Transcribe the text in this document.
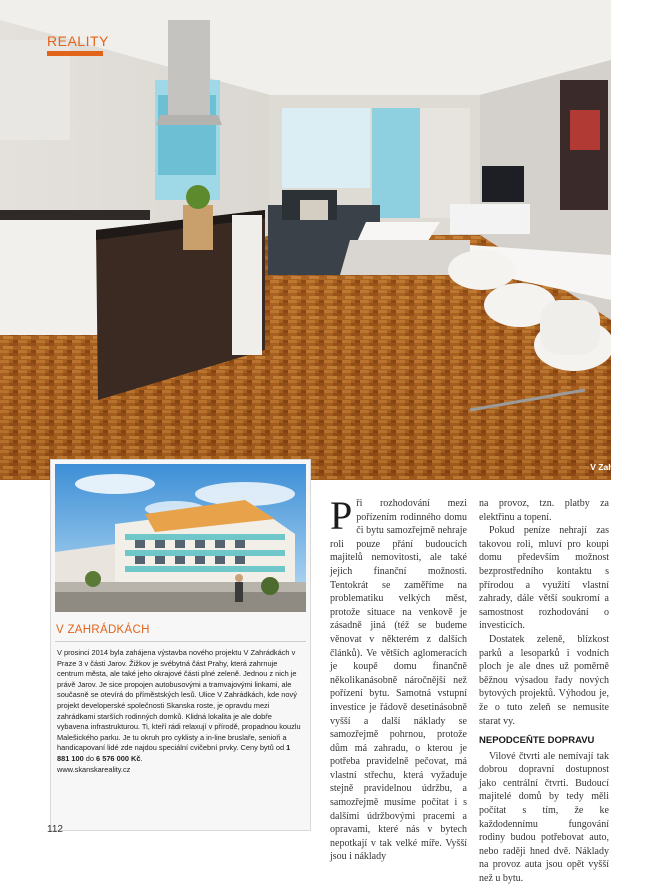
REALITY
V Zahrádkách
V ZAHRÁDKÁCH

V prosinci 2014 byla zahájena výstavba nového projektu V Zahrádkách v Praze 3 v části Jarov. Žižkov je svébytná část Prahy, která zahrnuje centrum města, ale také jeho okrajové části plné zeleně. Jednou z nich je právě Jarov. Je sice propojen autobusovými a tramvajovými linkami, ale současně se otevírá do příměstských lesů. Ulice V Zahrádkách, kde nový projekt developerské společnosti Skanska roste, je opravdu mezi zahrádkami starších rodinných domků. Klidná lokalita je ale dobře vybavena infrastrukturou. Ti, kteří rádi relaxují v přírodě, propadnou kouzlu Malešického parku. Je tu okruh pro cyklisty a in-line bruslaře, senioři a handicapovaní lidé zde najdou speciální cvičební prvky. Ceny bytů od 1 881 100 do 6 576 000 Kč.
www.skanskareality.cz

Při rozhodování mezi pořízením rodinného domu či bytu samozřejmě nehraje roli pouze přání budoucích majitelů nemovitosti, ale také jejich finanční možnosti. Tentokrát se zaměříme na problematiku velkých měst, protože situace na venkově je zásadně jiná (též se budeme věnovat v některém z dalších článků). Ve větších aglomeracích je koupě domu finančně několikanásobně náročnější než pořízení bytu. Samotná vstupní investice je řádově desetinásobně vyšší a další náklady se samozřejmě pohrnou, protože dům má zahradu, o kterou je potřeba pravidelně pečovat, má vlastní střechu, která vyžaduje stejně pravidelnou údržbu, a samozřejmě musíme počítat i s dalšími údržbovými pracemi a opravami, které nás v bytech nepotkají v tak velké míře. Vyšší jsou i náklady

na provoz, tzn. platby za elektřinu a topení.

Pokud peníze nehrají zas takovou roli, mluví pro koupi domu především možnost bezprostředního kontaktu s přírodou a využití vlastní zahrady, dále větší soukromí a samostnost rozhodování o investicích.

Dostatek zeleně, blízkost parků a lesoparků i vodních ploch je ale dnes už poměrně běžnou výsadou řady nových bytových projektů. Výhodou je, že o tuto zeleň se nemusíte starat vy.

NEPODCEŇTE DOPRAVU

Vilové čtvrti ale nemívají tak dobrou dopravní dostupnost jako centrální čtvrti. Budoucí majitelé domů by tedy měli počítat s tím, že ke každodennímu fungování rodiny budou potřebovat auto, nebo raději hned dvě. Náklady na provoz auta jsou opět vyšší než u bytu.

112
